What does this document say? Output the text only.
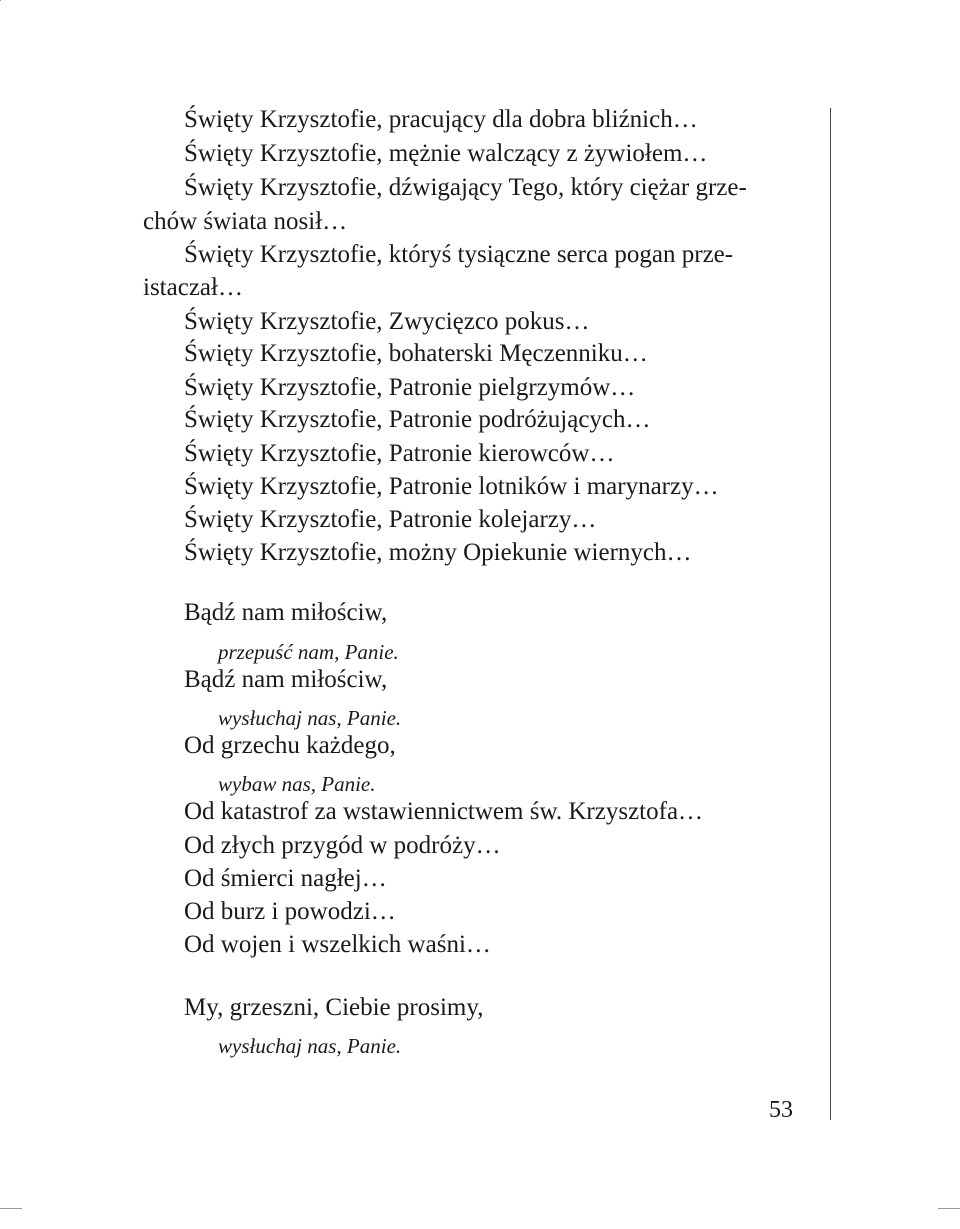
Święty Krzysztofie, pracujący dla dobra bliźnich…
Święty Krzysztofie, mężnie walczący z żywiołem…
Święty Krzysztofie, dźwigający Tego, który ciężar grze-
chów świata nosił…
Święty Krzysztofie, któryś tysiączne serca pogan prze-
istaczał…
Święty Krzysztofie, Zwycięzco pokus…
Święty Krzysztofie, bohaterski Męczenniku…
Święty Krzysztofie, Patronie pielgrzymów…
Święty Krzysztofie, Patronie podróżujących…
Święty Krzysztofie, Patronie kierowców…
Święty Krzysztofie, Patronie lotników i marynarzy…
Święty Krzysztofie, Patronie kolejarzy…
Święty Krzysztofie, możny Opiekunie wiernych…
Bądź nam miłościw,
przepuść nam, Panie.
Bądź nam miłościw,
wysłuchaj nas, Panie.
Od grzechu każdego,
wybaw nas, Panie.
Od katastrof za wstawiennictwem św. Krzysztofa…
Od złych przygód w podróży…
Od śmierci nagłej…
Od burz i powodzi…
Od wojen i wszelkich waśni…
My, grzeszni, Ciebie prosimy,
wysłuchaj nas, Panie.
53
